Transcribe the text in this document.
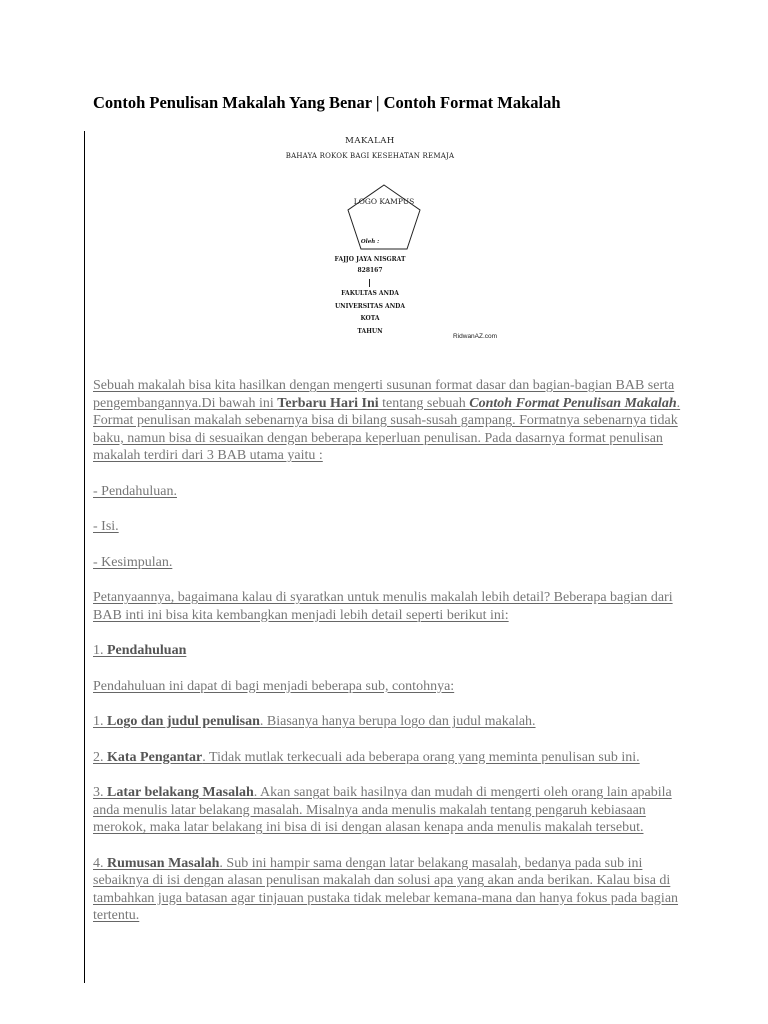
Contoh Penulisan Makalah Yang Benar | Contoh Format Makalah
MAKALAH
BAHAYA ROKOK BAGI KESEHATAN REMAJA
LOGO KAMPUS
Oleh :
FAJJO JAYA NISGRAT
828167
FAKULTAS ANDA
UNIVERSITAS ANDA
KOTA
TAHUN
RidwanAZ.com

Sebuah makalah bisa kita hasilkan dengan mengerti susunan format dasar dan bagian-bagian BAB serta pengembangannya.Di bawah ini Terbaru Hari Ini tentang sebuah Contoh Format Penulisan Makalah.

Format penulisan makalah sebenarnya bisa di bilang susah-susah gampang. Formatnya sebenarnya tidak baku, namun bisa di sesuaikan dengan beberapa keperluan penulisan. Pada dasarnya format penulisan makalah terdiri dari 3 BAB utama yaitu :

- Pendahuluan.

- Isi.

- Kesimpulan.

Petanyaannya, bagaimana kalau di syaratkan untuk menulis makalah lebih detail? Beberapa bagian dari BAB inti ini bisa kita kembangkan menjadi lebih detail seperti berikut ini:

1. Pendahuluan

Pendahuluan ini dapat di bagi menjadi beberapa sub, contohnya:

1. Logo dan judul penulisan. Biasanya hanya berupa logo dan judul makalah.

2. Kata Pengantar. Tidak mutlak terkecuali ada beberapa orang yang meminta penulisan sub ini.

3. Latar belakang Masalah. Akan sangat baik hasilnya dan mudah di mengerti oleh orang lain apabila anda menulis latar belakang masalah. Misalnya anda menulis makalah tentang pengaruh kebiasaan merokok, maka latar belakang ini bisa di isi dengan alasan kenapa anda menulis makalah tersebut.

4. Rumusan Masalah. Sub ini hampir sama dengan latar belakang masalah, bedanya pada sub ini sebaiknya di isi dengan alasan penulisan makalah dan solusi apa yang akan anda berikan. Kalau bisa di tambahkan juga batasan agar tinjauan pustaka tidak melebar kemana-mana dan hanya fokus pada bagian tertentu.
